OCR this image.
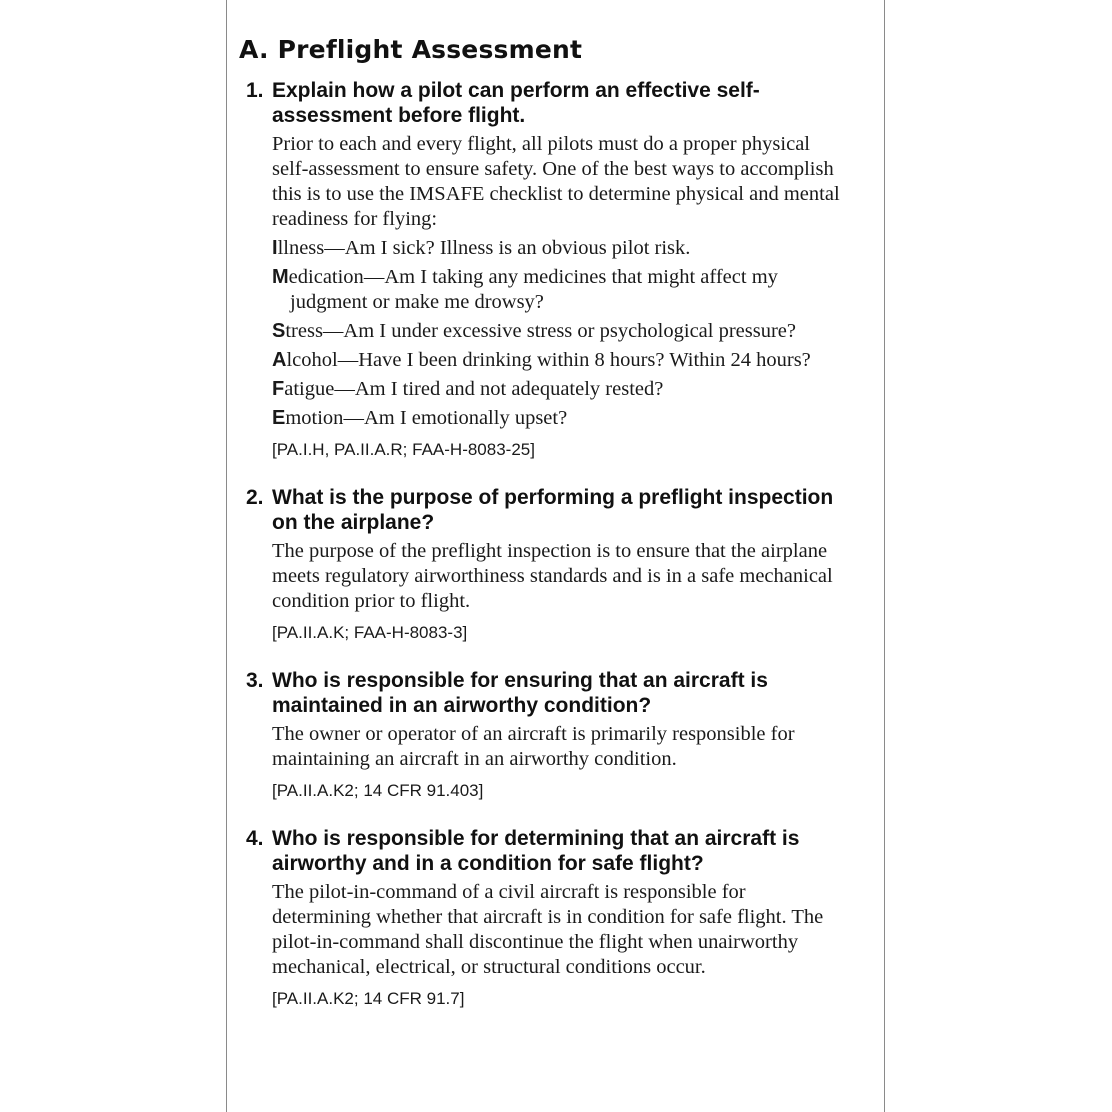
A. Preflight Assessment
1. Explain how a pilot can perform an effective self-assessment before flight.

Prior to each and every flight, all pilots must do a proper physical self-assessment to ensure safety. One of the best ways to accomplish this is to use the IMSAFE checklist to determine physical and mental readiness for flying:

Illness—Am I sick? Illness is an obvious pilot risk.
Medication—Am I taking any medicines that might affect my judgment or make me drowsy?
Stress—Am I under excessive stress or psychological pressure?
Alcohol—Have I been drinking within 8 hours? Within 24 hours?
Fatigue—Am I tired and not adequately rested?
Emotion—Am I emotionally upset?
[PA.I.H, PA.II.A.R; FAA-H-8083-25]
2. What is the purpose of performing a preflight inspection on the airplane?

The purpose of the preflight inspection is to ensure that the airplane meets regulatory airworthiness standards and is in a safe mechanical condition prior to flight.

[PA.II.A.K; FAA-H-8083-3]
3. Who is responsible for ensuring that an aircraft is maintained in an airworthy condition?

The owner or operator of an aircraft is primarily responsible for maintaining an aircraft in an airworthy condition.

[PA.II.A.K2; 14 CFR 91.403]
4. Who is responsible for determining that an aircraft is airworthy and in a condition for safe flight?

The pilot-in-command of a civil aircraft is responsible for determining whether that aircraft is in condition for safe flight. The pilot-in-command shall discontinue the flight when unairworthy mechanical, electrical, or structural conditions occur.

[PA.II.A.K2; 14 CFR 91.7]
